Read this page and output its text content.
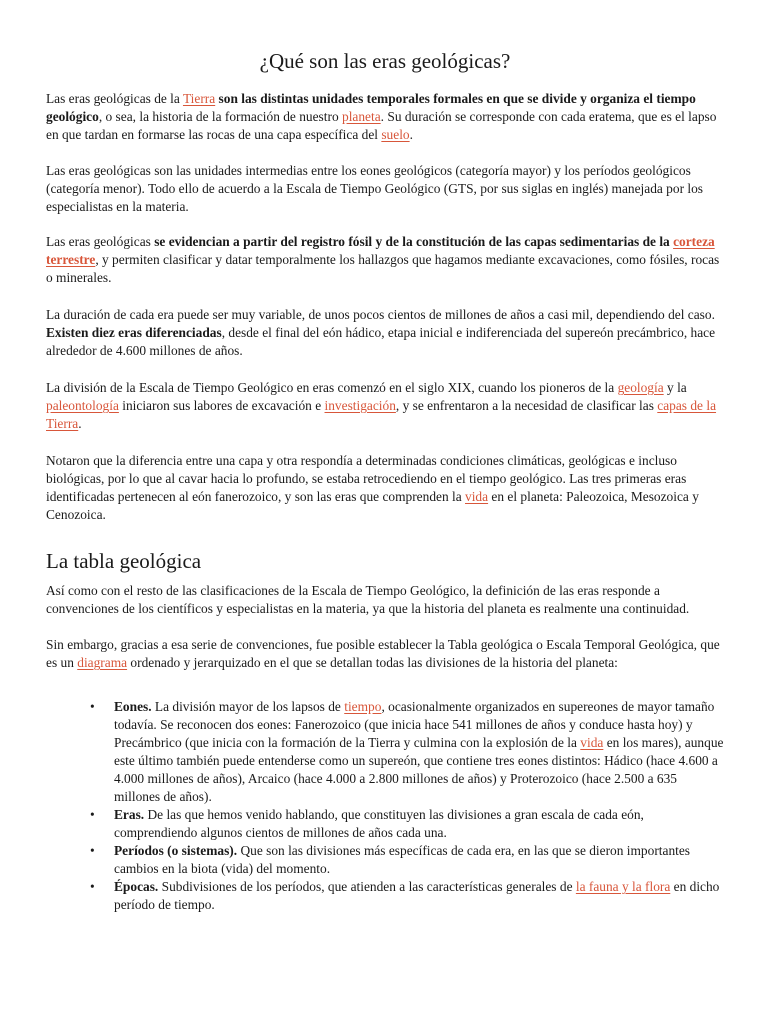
¿Qué son las eras geológicas?

Las eras geológicas de la Tierra son las distintas unidades temporales formales en que se divide y organiza el tiempo geológico, o sea, la historia de la formación de nuestro planeta. Su duración se corresponde con cada eratema, que es el lapso en que tardan en formarse las rocas de una capa específica del suelo.

Las eras geológicas son las unidades intermedias entre los eones geológicos (categoría mayor) y los períodos geológicos (categoría menor). Todo ello de acuerdo a la Escala de Tiempo Geológico (GTS, por sus siglas en inglés) manejada por los especialistas en la materia.

Las eras geológicas se evidencian a partir del registro fósil y de la constitución de las capas sedimentarias de la corteza terrestre, y permiten clasificar y datar temporalmente los hallazgos que hagamos mediante excavaciones, como fósiles, rocas o minerales.

La duración de cada era puede ser muy variable, de unos pocos cientos de millones de años a casi mil, dependiendo del caso. Existen diez eras diferenciadas, desde el final del eón hádico, etapa inicial e indiferenciada del supereón precámbrico, hace alrededor de 4.600 millones de años.

La división de la Escala de Tiempo Geológico en eras comenzó en el siglo XIX, cuando los pioneros de la geología y la paleontología iniciaron sus labores de excavación e investigación, y se enfrentaron a la necesidad de clasificar las capas de la Tierra.

Notaron que la diferencia entre una capa y otra respondía a determinadas condiciones climáticas, geológicas e incluso biológicas, por lo que al cavar hacia lo profundo, se estaba retrocediendo en el tiempo geológico. Las tres primeras eras identificadas pertenecen al eón fanerozoico, y son las eras que comprenden la vida en el planeta: Paleozoica, Mesozoica y Cenozoica.

La tabla geológica

Así como con el resto de las clasificaciones de la Escala de Tiempo Geológico, la definición de las eras responde a convenciones de los científicos y especialistas en la materia, ya que la historia del planeta es realmente una continuidad.

Sin embargo, gracias a esa serie de convenciones, fue posible establecer la Tabla geológica o Escala Temporal Geológica, que es un diagrama ordenado y jerarquizado en el que se detallan todas las divisiones de la historia del planeta:

• Eones. La división mayor de los lapsos de tiempo, ocasionalmente organizados en supereones de mayor tamaño todavía. Se reconocen dos eones: Fanerozoico (que inicia hace 541 millones de años y conduce hasta hoy) y Precámbrico (que inicia con la formación de la Tierra y culmina con la explosión de la vida en los mares), aunque este último también puede entenderse como un supereón, que contiene tres eones distintos: Hádico (hace 4.600 a 4.000 millones de años), Arcaico (hace 4.000 a 2.800 millones de años) y Proterozoico (hace 2.500 a 635 millones de años).
• Eras. De las que hemos venido hablando, que constituyen las divisiones a gran escala de cada eón, comprendiendo algunos cientos de millones de años cada una.
• Períodos (o sistemas). Que son las divisiones más específicas de cada era, en las que se dieron importantes cambios en la biota (vida) del momento.
• Épocas. Subdivisiones de los períodos, que atienden a las características generales de la fauna y la flora en dicho período de tiempo.
